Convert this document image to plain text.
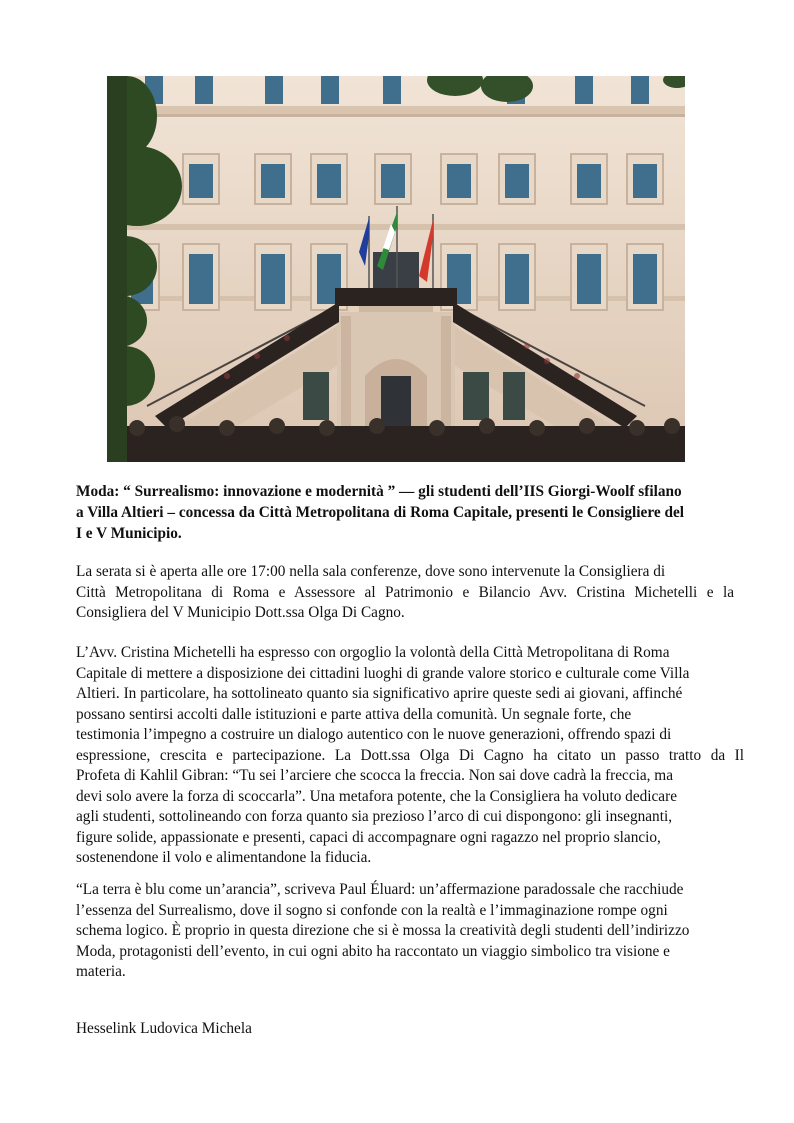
Moda: “ Surrealismo: innovazione e modernità ” — gli studenti dell’IIS Giorgi-Woolf sfilano
a Villa Altieri – concessa da Città Metropolitana di Roma Capitale, presenti le Consigliere del
I e V Municipio.
La serata si è aperta alle ore 17:00 nella sala conferenze, dove sono intervenute la Consigliera di
Città Metropolitana di Roma e Assessore al Patrimonio e Bilancio Avv. Cristina Michetelli e la
Consigliera del V Municipio Dott.ssa Olga Di Cagno.
L’Avv. Cristina Michetelli ha espresso con orgoglio la volontà della Città Metropolitana di Roma
Capitale di mettere a disposizione dei cittadini luoghi di grande valore storico e culturale come Villa
Altieri. In particolare, ha sottolineato quanto sia significativo aprire queste sedi ai giovani, affinché
possano sentirsi accolti dalle istituzioni e parte attiva della comunità. Un segnale forte, che
testimonia l’impegno a costruire un dialogo autentico con le nuove generazioni, offrendo spazi di
espressione, crescita e partecipazione. La Dott.ssa Olga Di Cagno ha citato un passo tratto da Il
Profeta di Kahlil Gibran: “Tu sei l’arciere che scocca la freccia. Non sai dove cadrà la freccia, ma
devi solo avere la forza di scoccarla”. Una metafora potente, che la Consigliera ha voluto dedicare
agli studenti, sottolineando con forza quanto sia prezioso l’arco di cui dispongono: gli insegnanti,
figure solide, appassionate e presenti, capaci di accompagnare ogni ragazzo nel proprio slancio,
sostenendone il volo e alimentandone la fiducia.
“La terra è blu come un’arancia”, scriveva Paul Éluard: un’affermazione paradossale che racchiude
l’essenza del Surrealismo, dove il sogno si confonde con la realtà e l’immaginazione rompe ogni
schema logico. È proprio in questa direzione che si è mossa la creatività degli studenti dell’indirizzo
Moda, protagonisti dell’evento, in cui ogni abito ha raccontato un viaggio simbolico tra visione e
materia.
Hesselink Ludovica Michela
